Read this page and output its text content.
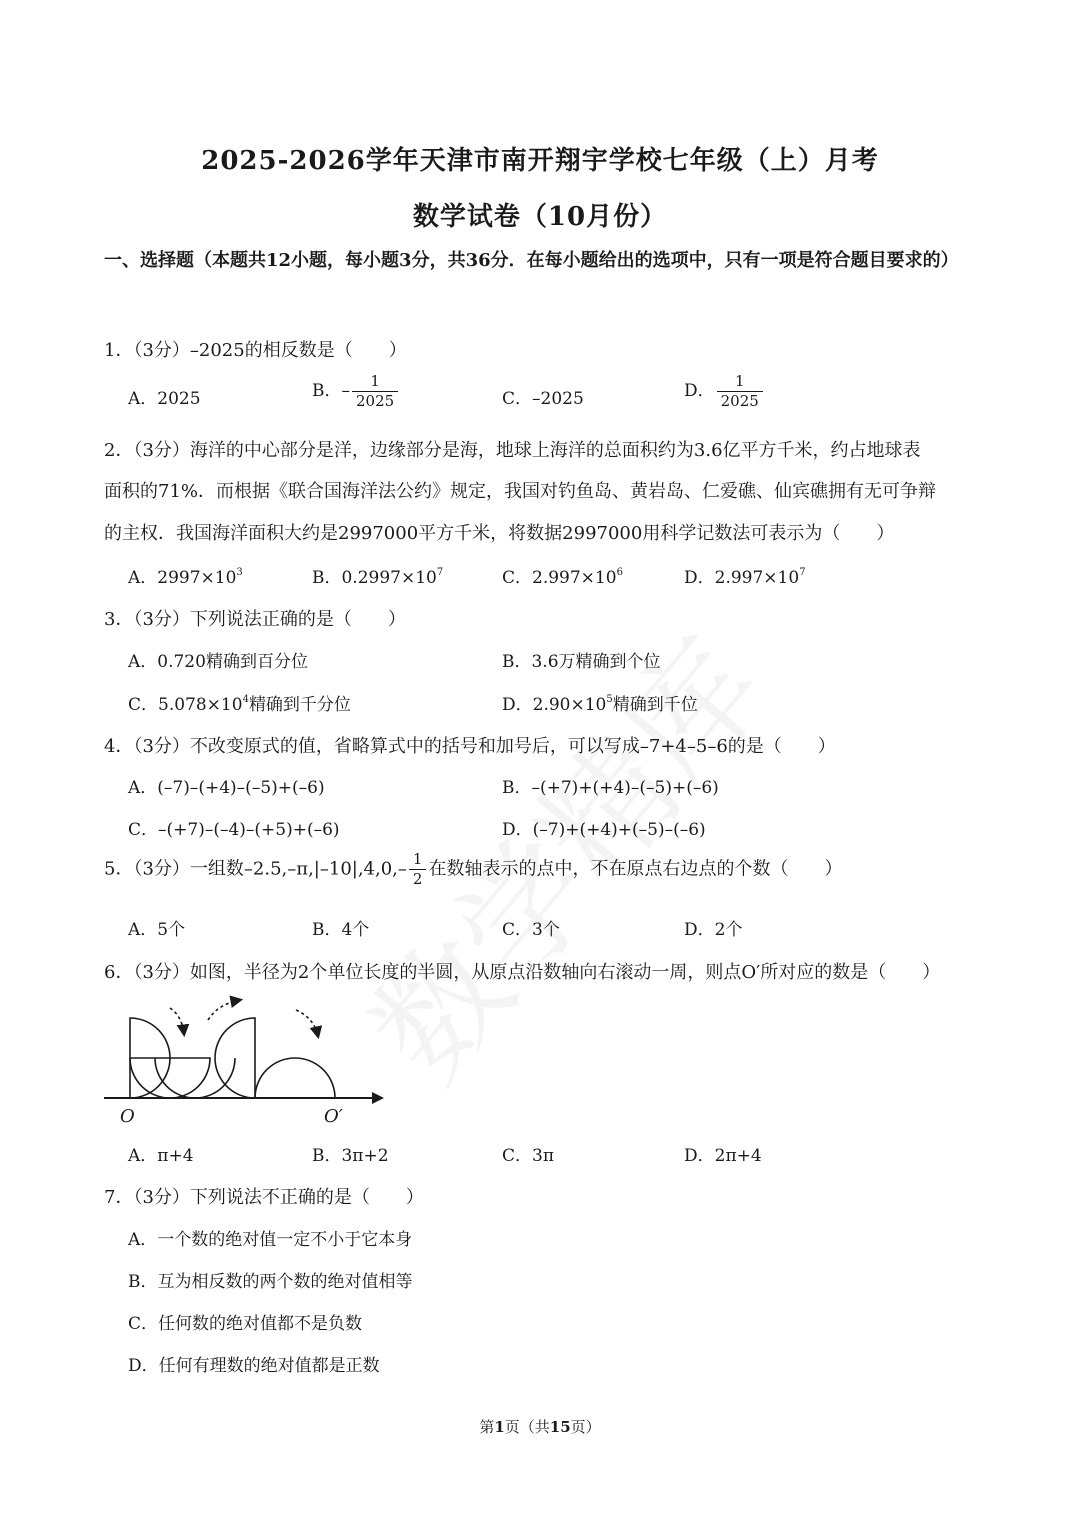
2025-2026学年天津市南开翔宇学校七年级（上）月考
数学试卷（10月份）
一、选择题（本题共12小题，每小题3分，共36分．在每小题给出的选项中，只有一项是符合题目要求的）
1．（3分）–2025的相反数是（　　）
A．2025	B．– $\frac{1}{2025}$	C．–2025	D． $\frac{1}{2025}$
2．（3分）海洋的中心部分是洋，边缘部分是海，地球上海洋的总面积约为3.6亿平方千米，约占地球表
面积的71%．而根据《联合国海洋法公约》规定，我国对钓鱼岛、黄岩岛、仁爱礁、仙宾礁拥有无可争辩
的主权．我国海洋面积大约是2997000平方千米，将数据2997000用科学记数法可表示为（　　）
A．$2997\times 10^3$	B．$0.2997\times 10^7$	C．$2.997\times 10^6$	D．$2.997\times 10^7$
3．（3分）下列说法正确的是（　　）
A．0.720精确到百分位	B．3.6万精确到个位
C．$5.078\times 10^4$精确到千分位	D．$2.90\times 10^5$精确到千位
4．（3分）不改变原式的值，省略算式中的括号和加号后，可以写成–7+4–5–6的是（　　）
A．(–7)–(+4)–(–5)+(–6)	B．–(+7)+(+4)–(–5)+(–6)
C．–(+7)–(–4)–(+5)+(–6)	D．(–7)+(+4)+(–5)–(–6)
5．（3分）一组数$-2.5,-\pi,|-10|,4,0,- \frac{1}{2}$ 在数轴表示的点中，不在原点右边点的个数（　　）
A．5个	B．4个	C．3个	D．2个
6．（3分）如图，半径为2个单位长度的半圆，从原点沿数轴向右滚动一周，则点O′所对应的数是（　　）
O	O′
A．π+4	B．3π+2	C．3π	D．2π+4
7．（3分）下列说法不正确的是（　　）
A．一个数的绝对值一定不小于它本身
B．互为相反数的两个数的绝对值相等
C．任何数的绝对值都不是负数
D．任何有理数的绝对值都是正数
第1页（共15页）
